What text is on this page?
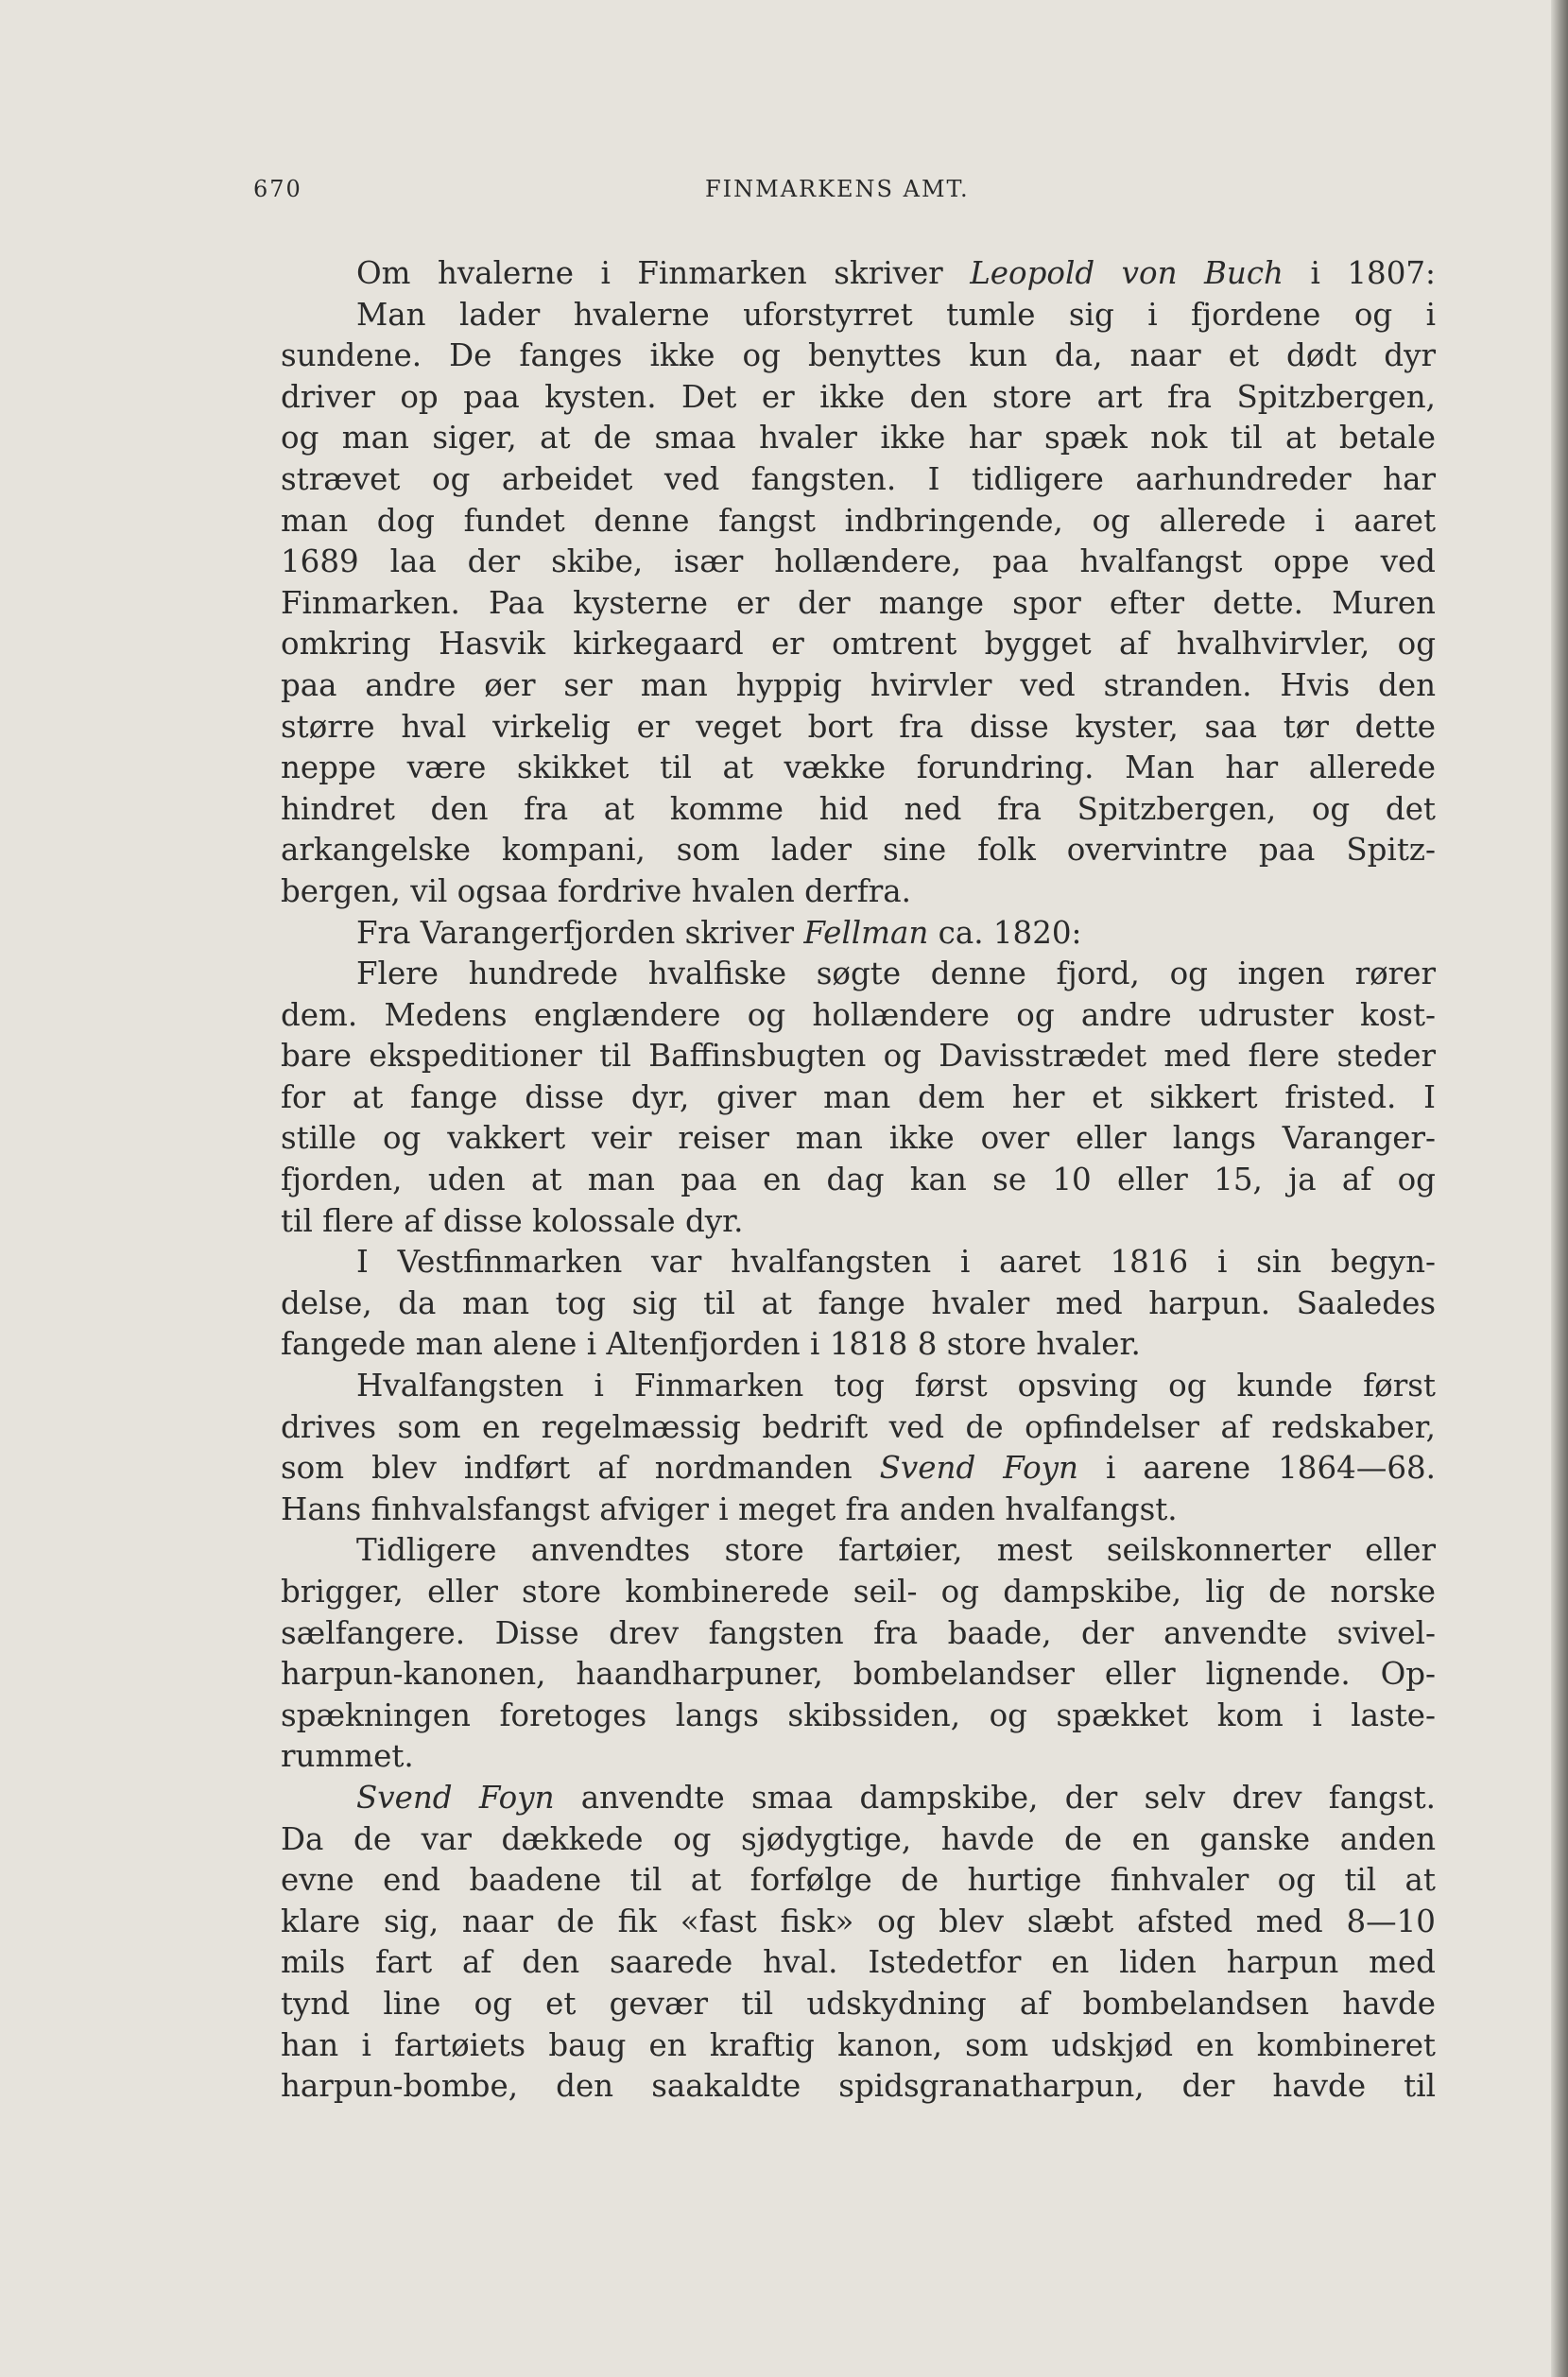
670	FINMARKENS AMT.
Om hvalerne i Finmarken skriver Leopold von Buch i 1807:
Man lader hvalerne uforstyrret tumle sig i fjordene og i
sundene. De fanges ikke og benyttes kun da, naar et dødt dyr
driver op paa kysten. Det er ikke den store art fra Spitzbergen,
og man siger, at de smaa hvaler ikke har spæk nok til at betale
strævet og arbeidet ved fangsten. I tidligere aarhundreder har
man dog fundet denne fangst indbringende, og allerede i aaret
1689 laa der skibe, især hollændere, paa hvalfangst oppe ved
Finmarken. Paa kysterne er der mange spor efter dette. Muren
omkring Hasvik kirkegaard er omtrent bygget af hvalhvirvler, og
paa andre øer ser man hyppig hvirvler ved stranden. Hvis den
større hval virkelig er veget bort fra disse kyster, saa tør dette
neppe være skikket til at vække forundring. Man har allerede
hindret den fra at komme hid ned fra Spitzbergen, og det
arkangelske kompani, som lader sine folk overvintre paa Spitz-
bergen, vil ogsaa fordrive hvalen derfra.
Fra Varangerfjorden skriver Fellman ca. 1820:
Flere hundrede hvalfiske søgte denne fjord, og ingen rører
dem. Medens englændere og hollændere og andre udruster kost-
bare ekspeditioner til Baffinsbugten og Davisstrædet med flere steder
for at fange disse dyr, giver man dem her et sikkert fristed. I
stille og vakkert veir reiser man ikke over eller langs Varanger-
fjorden, uden at man paa en dag kan se 10 eller 15, ja af og
til flere af disse kolossale dyr.
I Vestfinmarken var hvalfangsten i aaret 1816 i sin begyn-
delse, da man tog sig til at fange hvaler med harpun. Saaledes
fangede man alene i Altenfjorden i 1818 8 store hvaler.
Hvalfangsten i Finmarken tog først opsving og kunde først
drives som en regelmæssig bedrift ved de opfindelser af redskaber,
som blev indført af nordmanden Svend Foyn i aarene 1864—68.
Hans finhvalsfangst afviger i meget fra anden hvalfangst.
Tidligere anvendtes store fartøier, mest seilskonnerter eller
brigger, eller store kombinerede seil- og dampskibe, lig de norske
sælfangere. Disse drev fangsten fra baade, der anvendte svivel-
harpun-kanonen, haandharpuner, bombelandser eller lignende. Op-
spækningen foretoges langs skibssiden, og spækket kom i laste-
rummet.
Svend Foyn anvendte smaa dampskibe, der selv drev fangst.
Da de var dækkede og sjødygtige, havde de en ganske anden
evne end baadene til at forfølge de hurtige finhvaler og til at
klare sig, naar de fik «fast fisk» og blev slæbt afsted med 8—10
mils fart af den saarede hval. Istedetfor en liden harpun med
tynd line og et gevær til udskydning af bombelandsen havde
han i fartøiets baug en kraftig kanon, som udskjød en kombineret
harpun-bombe, den saakaldte spidsgranatharpun, der havde til
